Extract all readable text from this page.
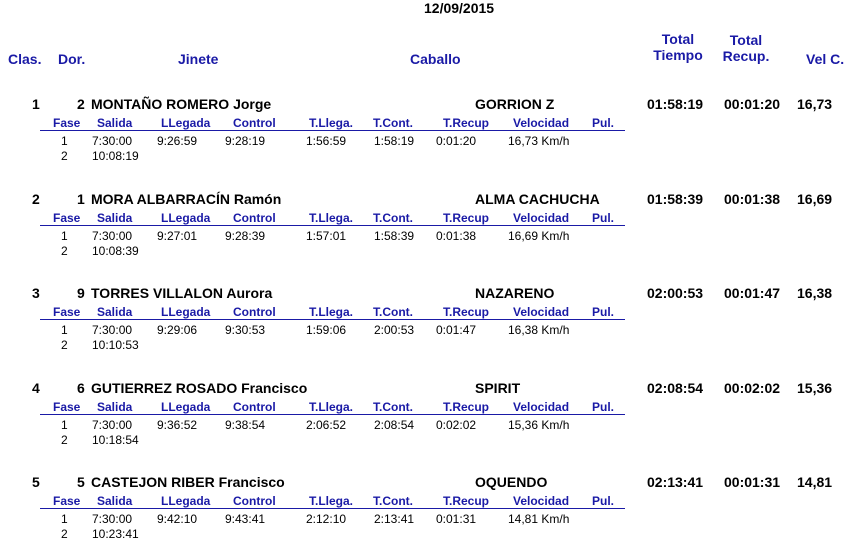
12/09/2015
Clas. Dor.	Jinete	Caballo
Total
Tiempo
Total
Recup.	Vel C.
1	2 MONTAÑO ROMERO Jorge	GORRION Z	01:58:19 00:01:20 16,73
Fase Salida LLegada Control	T.Llega. T.Cont.	T.Recup Velocidad Pul.
1 7:30:00 9:26:59 9:28:19	1:56:59 1:58:19 0:01:20	16,73 Km/h
2 10:08:19
2	1 MORA ALBARRACÍN Ramón	ALMA CACHUCHA	01:58:39 00:01:38 16,69
Fase Salida LLegada Control	T.Llega. T.Cont.	T.Recup Velocidad Pul.
1 7:30:00 9:27:01 9:28:39	1:57:01 1:58:39 0:01:38	16,69 Km/h
2 10:08:39
3	9 TORRES VILLALON Aurora	NAZARENO	02:00:53 00:01:47 16,38
Fase Salida LLegada Control	T.Llega. T.Cont.	T.Recup Velocidad Pul.
1 7:30:00 9:29:06 9:30:53	1:59:06 2:00:53 0:01:47	16,38 Km/h
2 10:10:53
4	6 GUTIERREZ ROSADO Francisco	SPIRIT	02:08:54 00:02:02 15,36
Fase Salida LLegada Control	T.Llega. T.Cont.	T.Recup Velocidad Pul.
1 7:30:00 9:36:52 9:38:54	2:06:52 2:08:54 0:02:02	15,36 Km/h
2 10:18:54
5	5 CASTEJON RIBER Francisco	OQUENDO	02:13:41 00:01:31 14,81
Fase Salida LLegada Control	T.Llega. T.Cont.	T.Recup Velocidad Pul.
1 7:30:00 9:42:10 9:43:41	2:12:10 2:13:41 0:01:31	14,81 Km/h
2 10:23:41
